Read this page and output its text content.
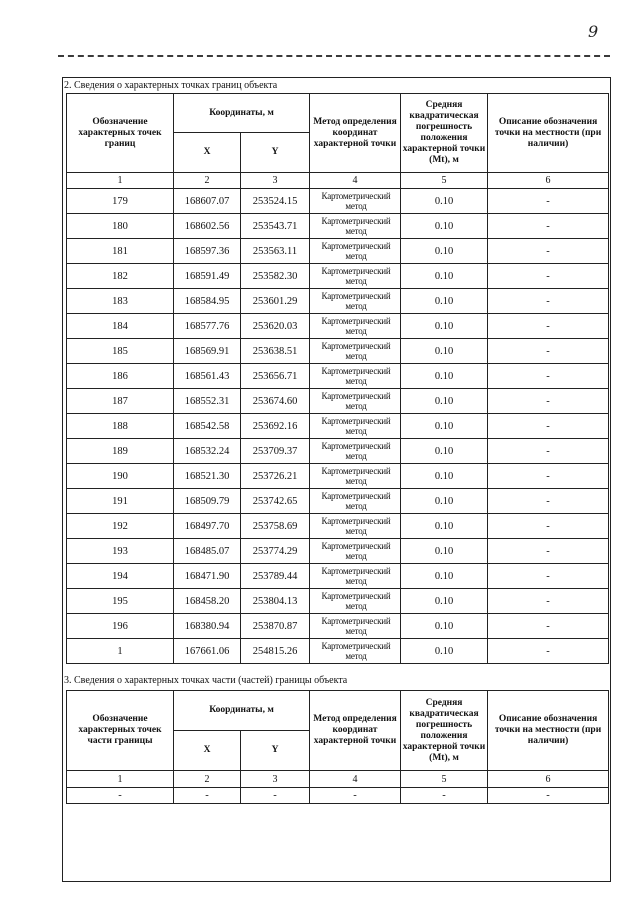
9
2. Сведения о характерных точках границ объекта
Обозначение характерных точек границ	Координаты, м		Метод определения координат характерной точки	Средняя квадратическая погрешность положения характерной точки (Mt), м	Описание обозначения точки на местности (при наличии)
	X	Y			
1	2	3	4	5	6
179	168607.07	253524.15	Картометрический метод	0.10	-
180	168602.56	253543.71	Картометрический метод	0.10	-
181	168597.36	253563.11	Картометрический метод	0.10	-
182	168591.49	253582.30	Картометрический метод	0.10	-
183	168584.95	253601.29	Картометрический метод	0.10	-
184	168577.76	253620.03	Картометрический метод	0.10	-
185	168569.91	253638.51	Картометрический метод	0.10	-
186	168561.43	253656.71	Картометрический метод	0.10	-
187	168552.31	253674.60	Картометрический метод	0.10	-
188	168542.58	253692.16	Картометрический метод	0.10	-
189	168532.24	253709.37	Картометрический метод	0.10	-
190	168521.30	253726.21	Картометрический метод	0.10	-
191	168509.79	253742.65	Картометрический метод	0.10	-
192	168497.70	253758.69	Картометрический метод	0.10	-
193	168485.07	253774.29	Картометрический метод	0.10	-
194	168471.90	253789.44	Картометрический метод	0.10	-
195	168458.20	253804.13	Картометрический метод	0.10	-
196	168380.94	253870.87	Картометрический метод	0.10	-
1	167661.06	254815.26	Картометрический метод	0.10	-
3. Сведения о характерных точках части (частей) границы объекта
Обозначение характерных точек части границы	Координаты, м		Метод определения координат характерной точки	Средняя квадратическая погрешность положения характерной точки (Mt), м	Описание обозначения точки на местности (при наличии)
	X	Y			
1	2	3	4	5	6
-	-	-	-	-	-
